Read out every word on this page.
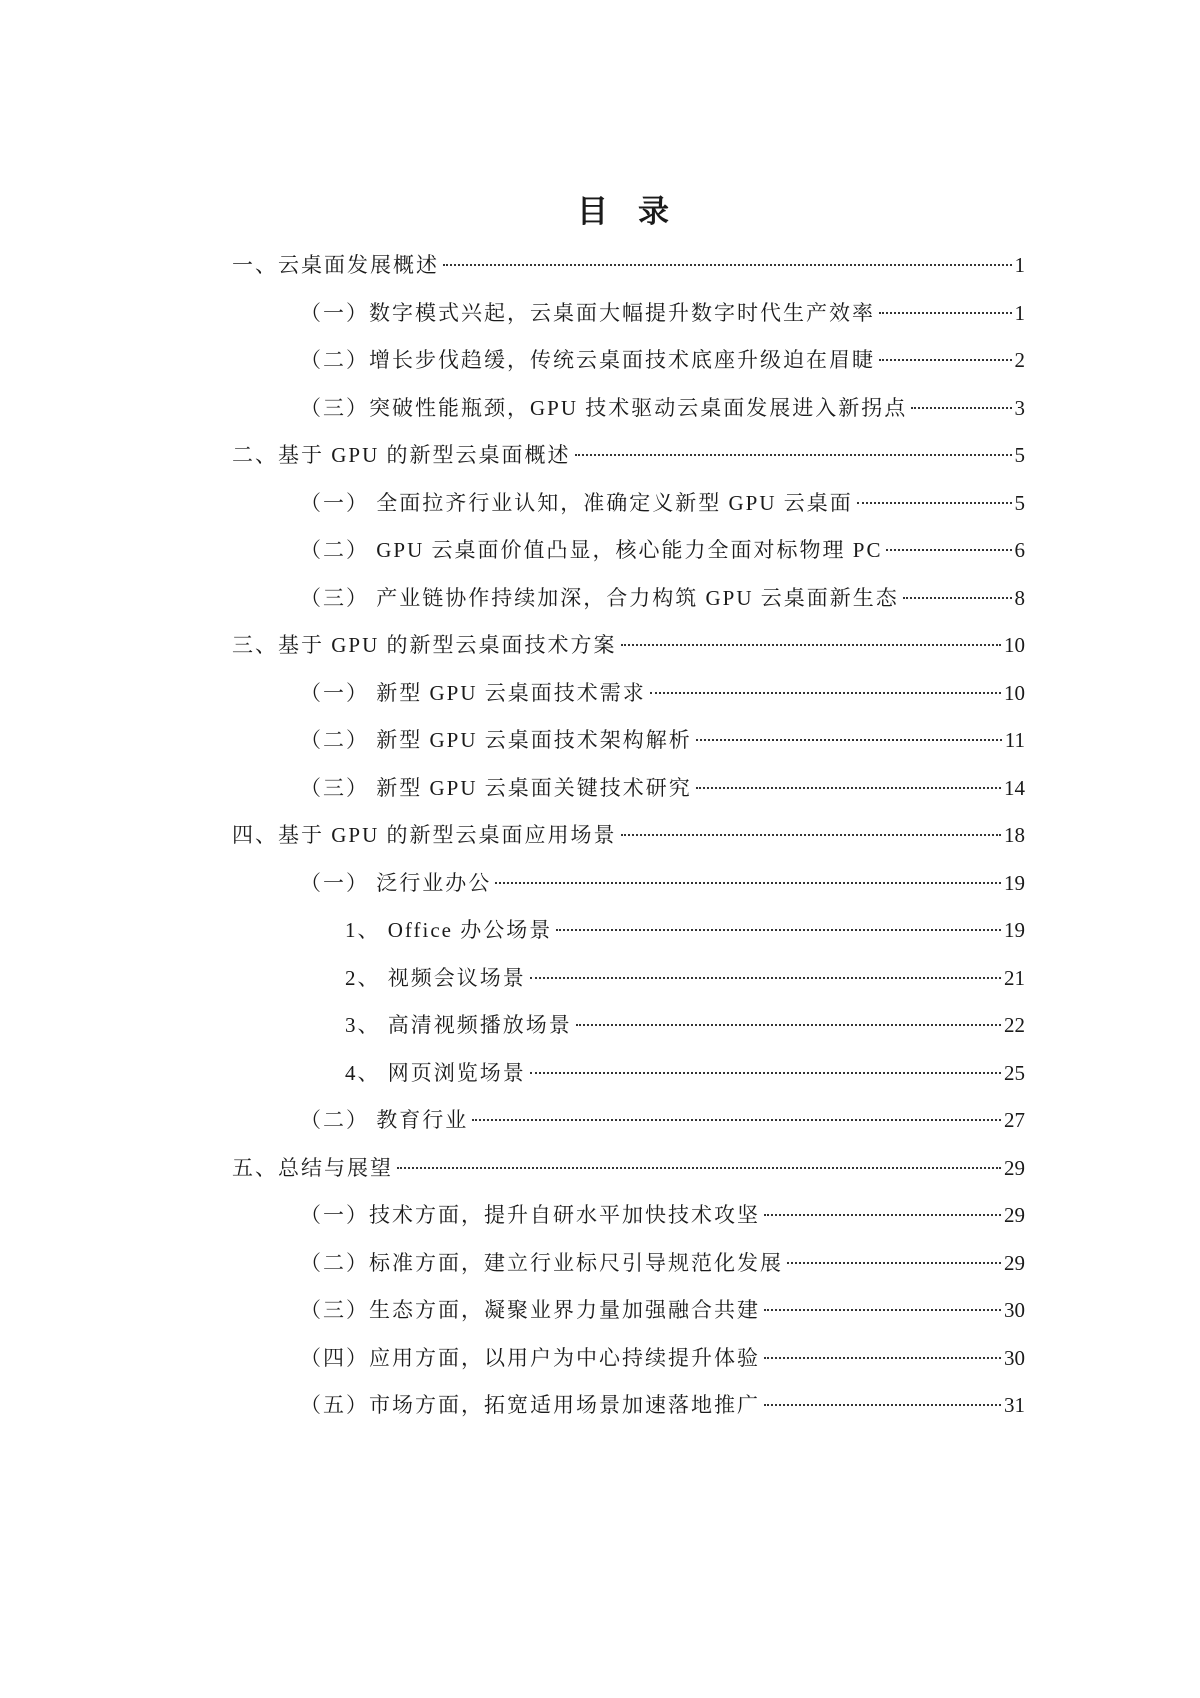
目录
一、 云桌面发展概述	1
（一） 数字模式兴起，云桌面大幅提升数字时代生产效率	1
（二） 增长步伐趋缓，传统云桌面技术底座升级迫在眉睫	2
（三） 突破性能瓶颈，GPU 技术驱动云桌面发展进入新拐点	3
二、 基于 GPU 的新型云桌面概述	5
（一） 全面拉齐行业认知，准确定义新型 GPU 云桌面	5
（二） GPU 云桌面价值凸显，核心能力全面对标物理 PC	6
（三） 产业链协作持续加深，合力构筑 GPU 云桌面新生态	8
三、 基于 GPU 的新型云桌面技术方案	10
（一） 新型 GPU 云桌面技术需求	10
（二） 新型 GPU 云桌面技术架构解析	11
（三） 新型 GPU 云桌面关键技术研究	14
四、 基于 GPU 的新型云桌面应用场景	18
（一） 泛行业办公	19
1、 Office 办公场景	19
2、 视频会议场景	21
3、 高清视频播放场景	22
4、 网页浏览场景	25
（二） 教育行业	27
五、 总结与展望	29
（一） 技术方面，提升自研水平加快技术攻坚	29
（二） 标准方面，建立行业标尺引导规范化发展	29
（三） 生态方面，凝聚业界力量加强融合共建	30
（四） 应用方面，以用户为中心持续提升体验	30
（五） 市场方面，拓宽适用场景加速落地推广	31
